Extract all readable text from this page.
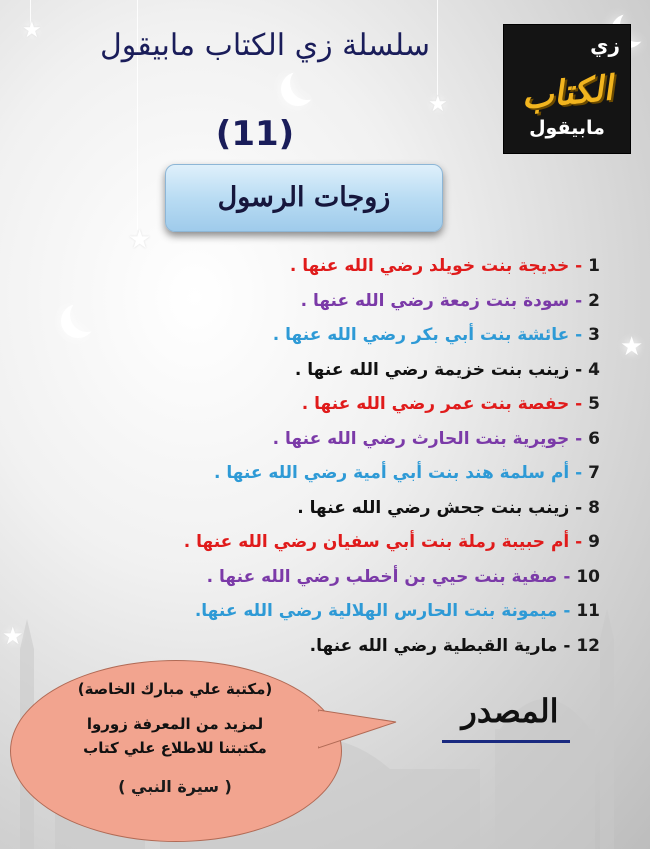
★
★
★
★
★	سلسلة زي الكتاب مابيقول	زي
الكتاب
مابيقول
(11)
زوجات الرسول
1 - خديجة بنت خويلد رضي الله عنها .
2 - سودة بنت زمعة رضي الله عنها .
3 - عائشة بنت أبي بكر رضي الله عنها .
4 - زينب بنت خزيمة رضي الله عنها .
5 - حفصة بنت عمر رضي الله عنها .
6 - جويرية بنت الحارث رضي الله عنها .
7 - أم سلمة هند بنت أبي أمية رضي الله عنها .
8 - زينب بنت جحش رضي الله عنها .
9 - أم حبيبة رملة بنت أبي سفيان رضي الله عنها .
10 - صفية بنت حيي بن أخطب رضي الله عنها .
11 - ميمونة بنت الحارس الهلالية رضي الله عنها.
12 - مارية القبطية رضي الله عنها.
(مكتبة علي مبارك الخاصة)
لمزيد من المعرفة زوروا
مكتبتنا للاطلاع علي كتاب
( سيرة النبي )
المصدر
